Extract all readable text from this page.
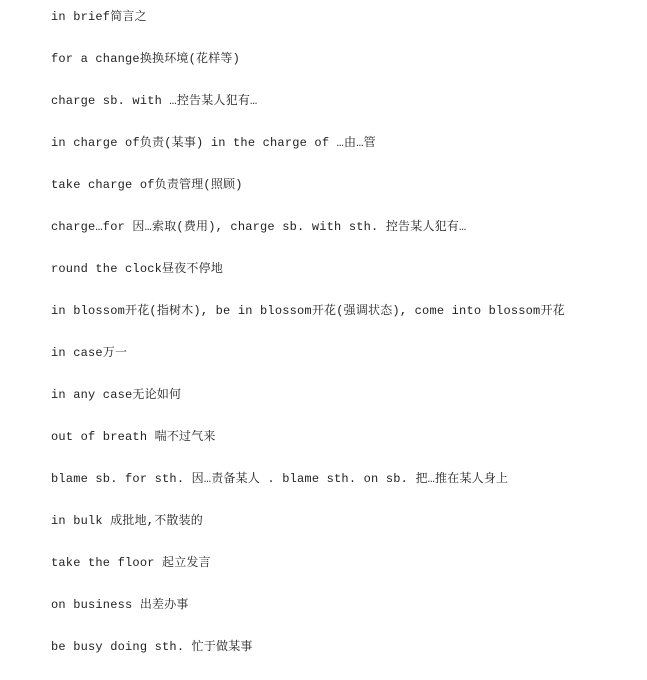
in brief简言之
for a change换换环境(花样等)
charge sb. with …控告某人犯有…
in charge of负责(某事) in the charge of …由…管
take charge of负责管理(照顾)
charge…for 因…索取(费用), charge sb. with sth. 控告某人犯有…
round the clock昼夜不停地
in blossom开花(指树木), be in blossom开花(强调状态), come into blossom开花
in case万一
in any case无论如何
out of breath 喘不过气来
blame sb. for sth. 因…责备某人 . blame sth. on sb. 把…推在某人身上
in bulk 成批地,不散装的
take the floor 起立发言
on business 出差办事
be busy doing sth. 忙于做某事
